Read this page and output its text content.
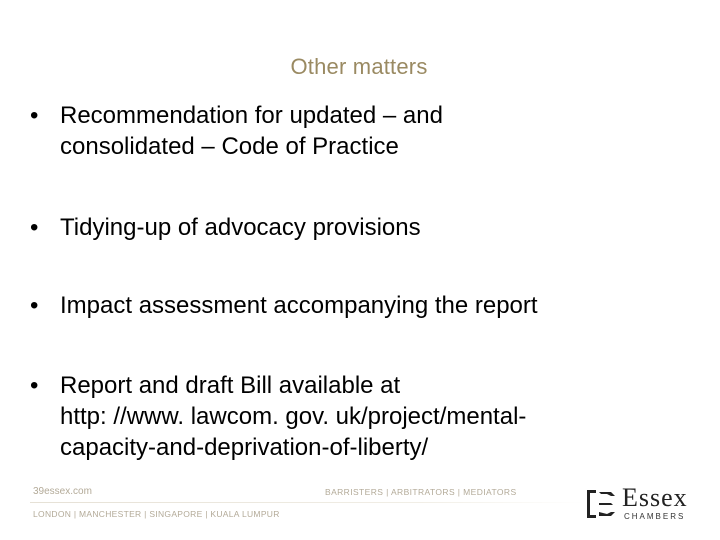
Other matters
• Recommendation for updated – and
consolidated – Code of Practice
• Tidying-up of advocacy provisions
• Impact assessment accompanying the report
• Report and draft Bill available at
http: //www. lawcom. gov. uk/project/mental-
capacity-and-deprivation-of-liberty/
39essex.com	BARRISTERS | ARBITRATORS | MEDIATORS
LONDON | MANCHESTER | SINGAPORE | KUALA LUMPUR
Essex
CHAMBERS
